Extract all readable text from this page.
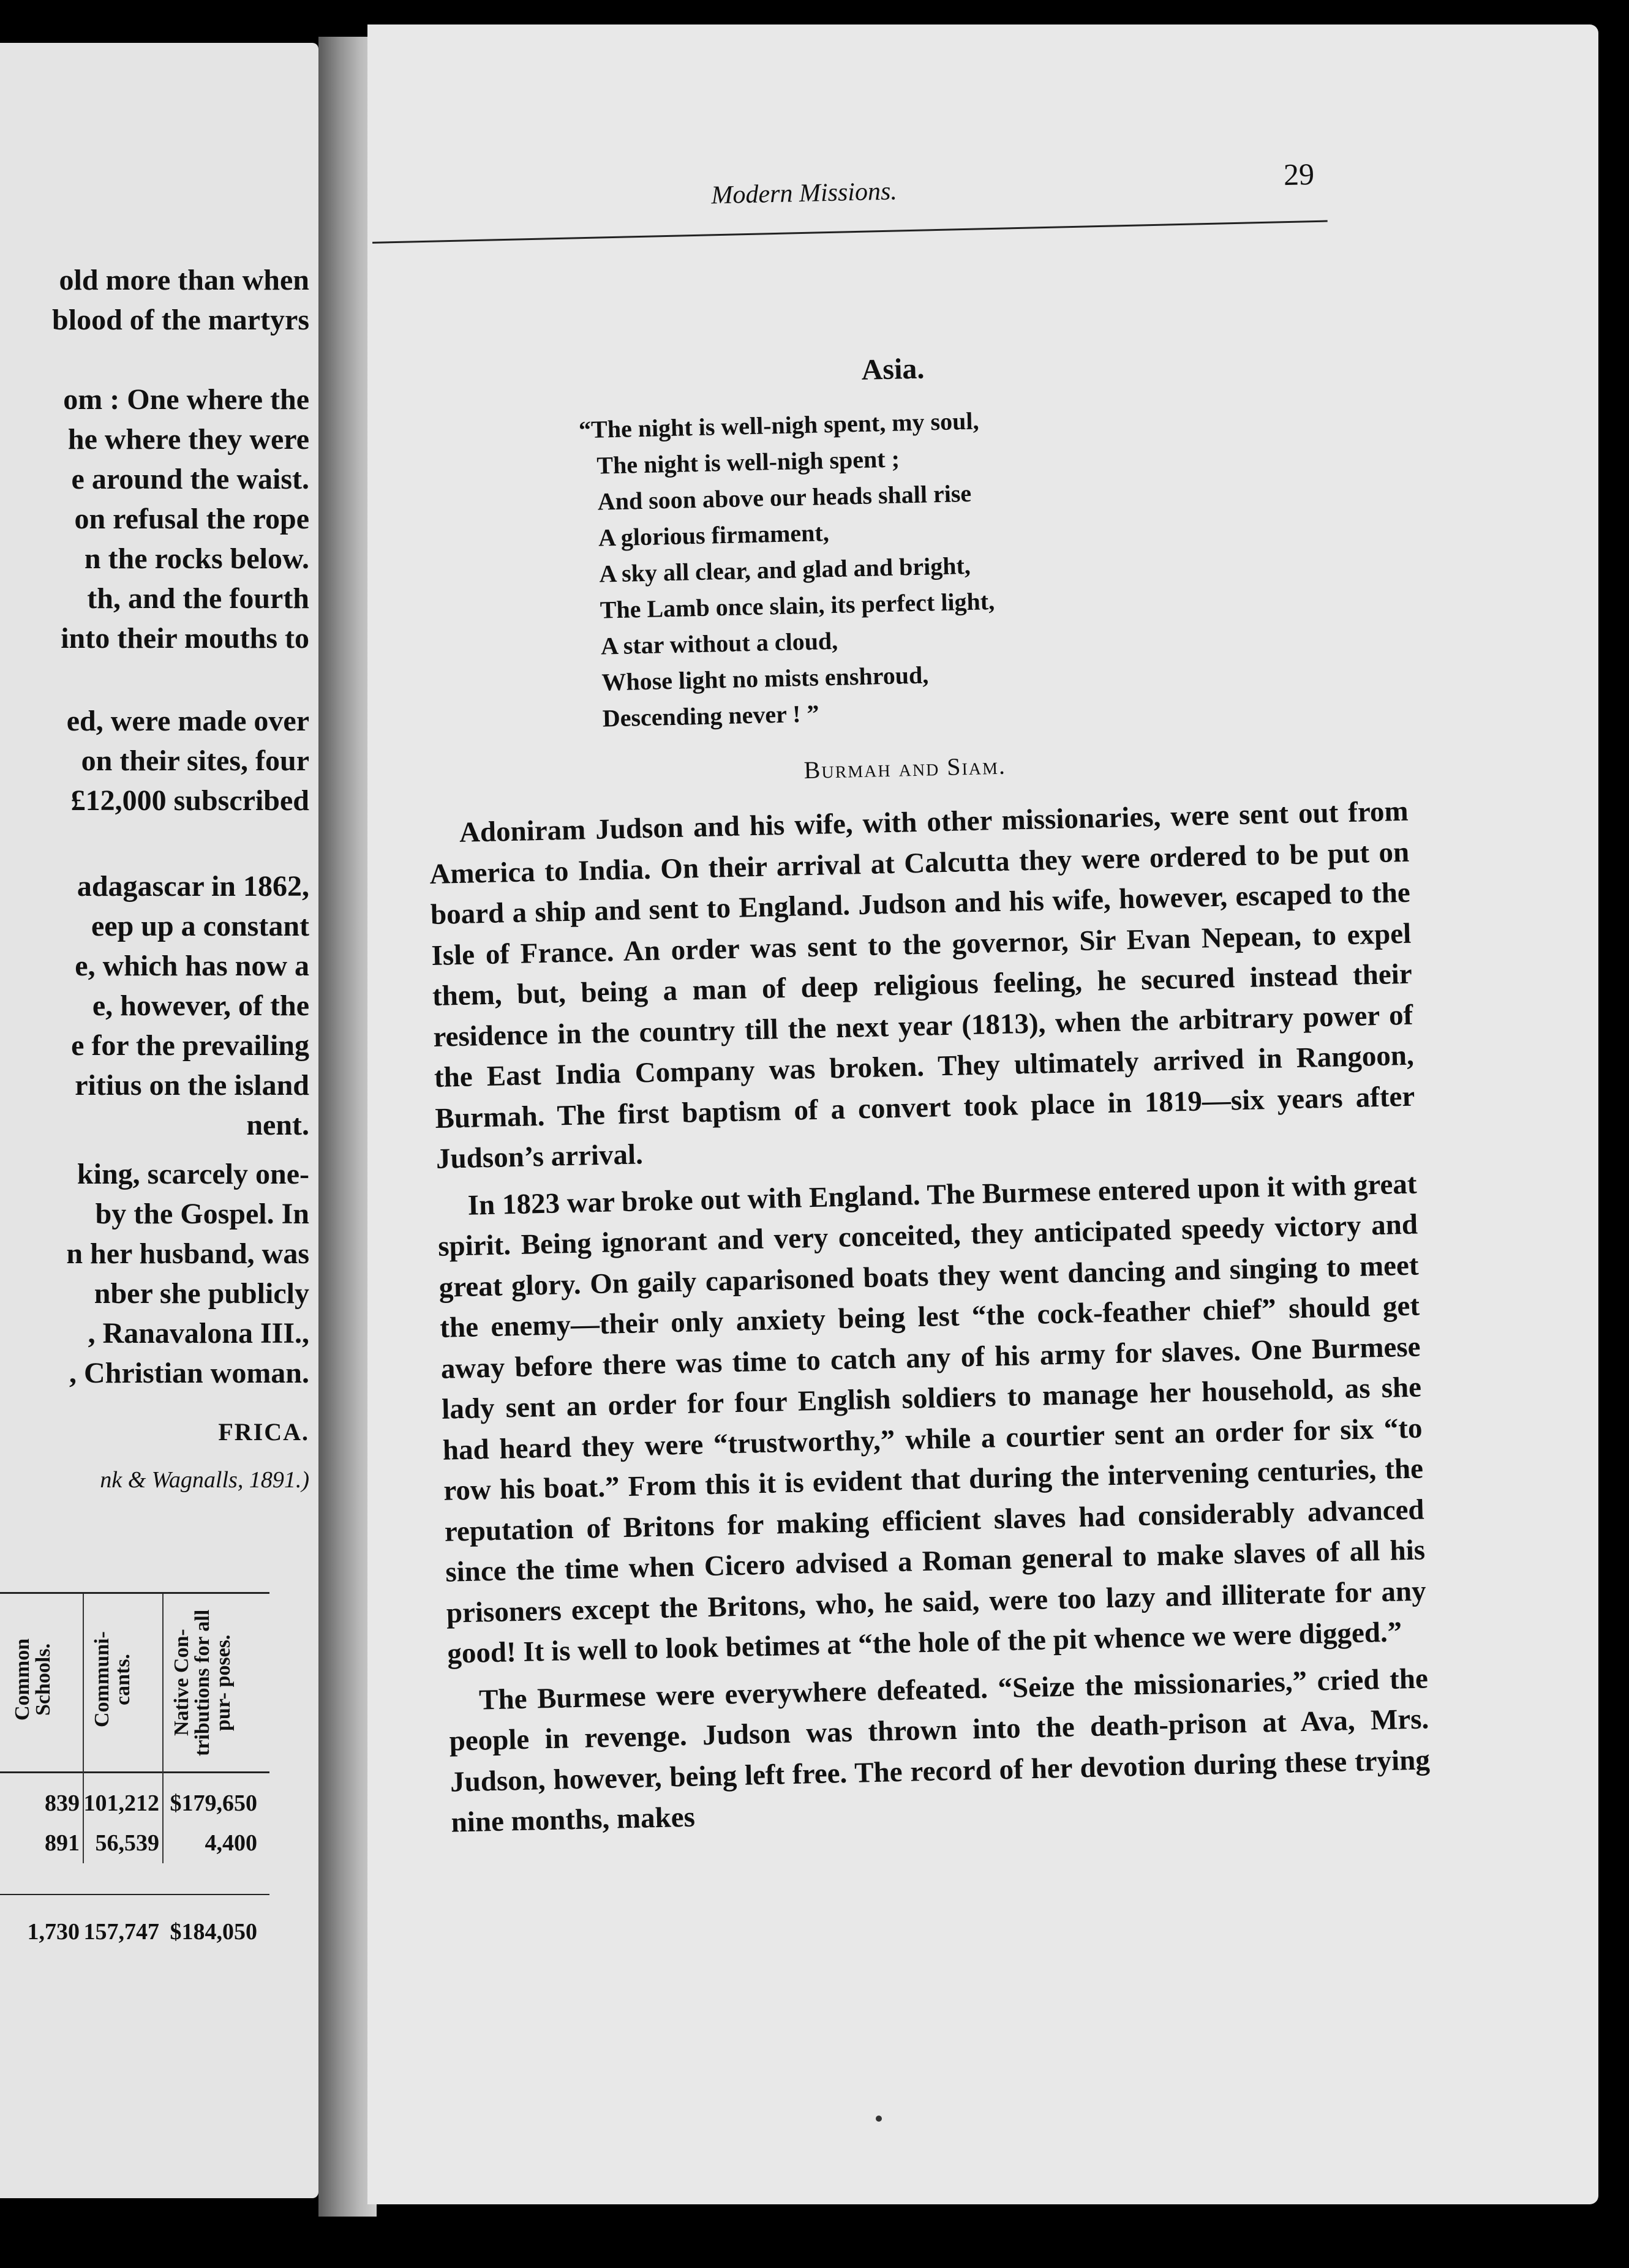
old more than when
blood of the martyrs
om : One where the
he where they were
e around the waist.
on refusal the rope
n the rocks below.
th, and the fourth
into their mouths to
ed, were made over
on their sites, four
£12,000 subscribed
adagascar in 1862,
eep up a constant
e, which has now a
e, however, of the
e for the prevailing
ritius on the island
nent.
king, scarcely one-
by the Gospel. In
n her husband, was
nber she publicly
, Ranavalona III.,
, Christian woman.
FRICA.
nk & Wagnalls, 1891.)
Common Schools. Communi- cants. Native Con- tributions for all pur- poses.
839 101,212 $179,650
891 56,539 4,400
1,730 157,747 $184,050
Modern Missions.
29
Asia.
“The night is well-nigh spent, my soul,
The night is well-nigh spent ;
And soon above our heads shall rise
A glorious firmament,
A sky all clear, and glad and bright,
The Lamb once slain, its perfect light,
A star without a cloud,
Whose light no mists enshroud,
Descending never ! ”
Burmah and Siam.

Adoniram Judson and his wife, with other missionaries, were sent out from America to India. On their arrival at Calcutta they were ordered to be put on board a ship and sent to England. Judson and his wife, however, escaped to the Isle of France. An order was sent to the governor, Sir Evan Nepean, to expel them, but, being a man of deep religious feeling, he secured instead their residence in the country till the next year (1813), when the arbitrary power of the East India Company was broken. They ultimately arrived in Rangoon, Burmah. The first baptism of a convert took place in 1819—six years after Judson’s arrival.

In 1823 war broke out with England. The Burmese entered upon it with great spirit. Being ignorant and very conceited, they anticipated speedy victory and great glory. On gaily caparisoned boats they went dancing and singing to meet the enemy—their only anxiety being lest “the cock-feather chief” should get away before there was time to catch any of his army for slaves. One Burmese lady sent an order for four English soldiers to manage her household, as she had heard they were “trustworthy,” while a courtier sent an order for six “to row his boat.” From this it is evident that during the intervening centuries, the reputation of Britons for making efficient slaves had considerably advanced since the time when Cicero advised a Roman general to make slaves of all his prisoners except the Britons, who, he said, were too lazy and illiterate for any good! It is well to look betimes at “the hole of the pit whence we were digged.”

The Burmese were everywhere defeated. “Seize the missionaries,” cried the people in revenge. Judson was thrown into the death-prison at Ava, Mrs. Judson, however, being left free. The record of her devotion during these trying nine months, makes
